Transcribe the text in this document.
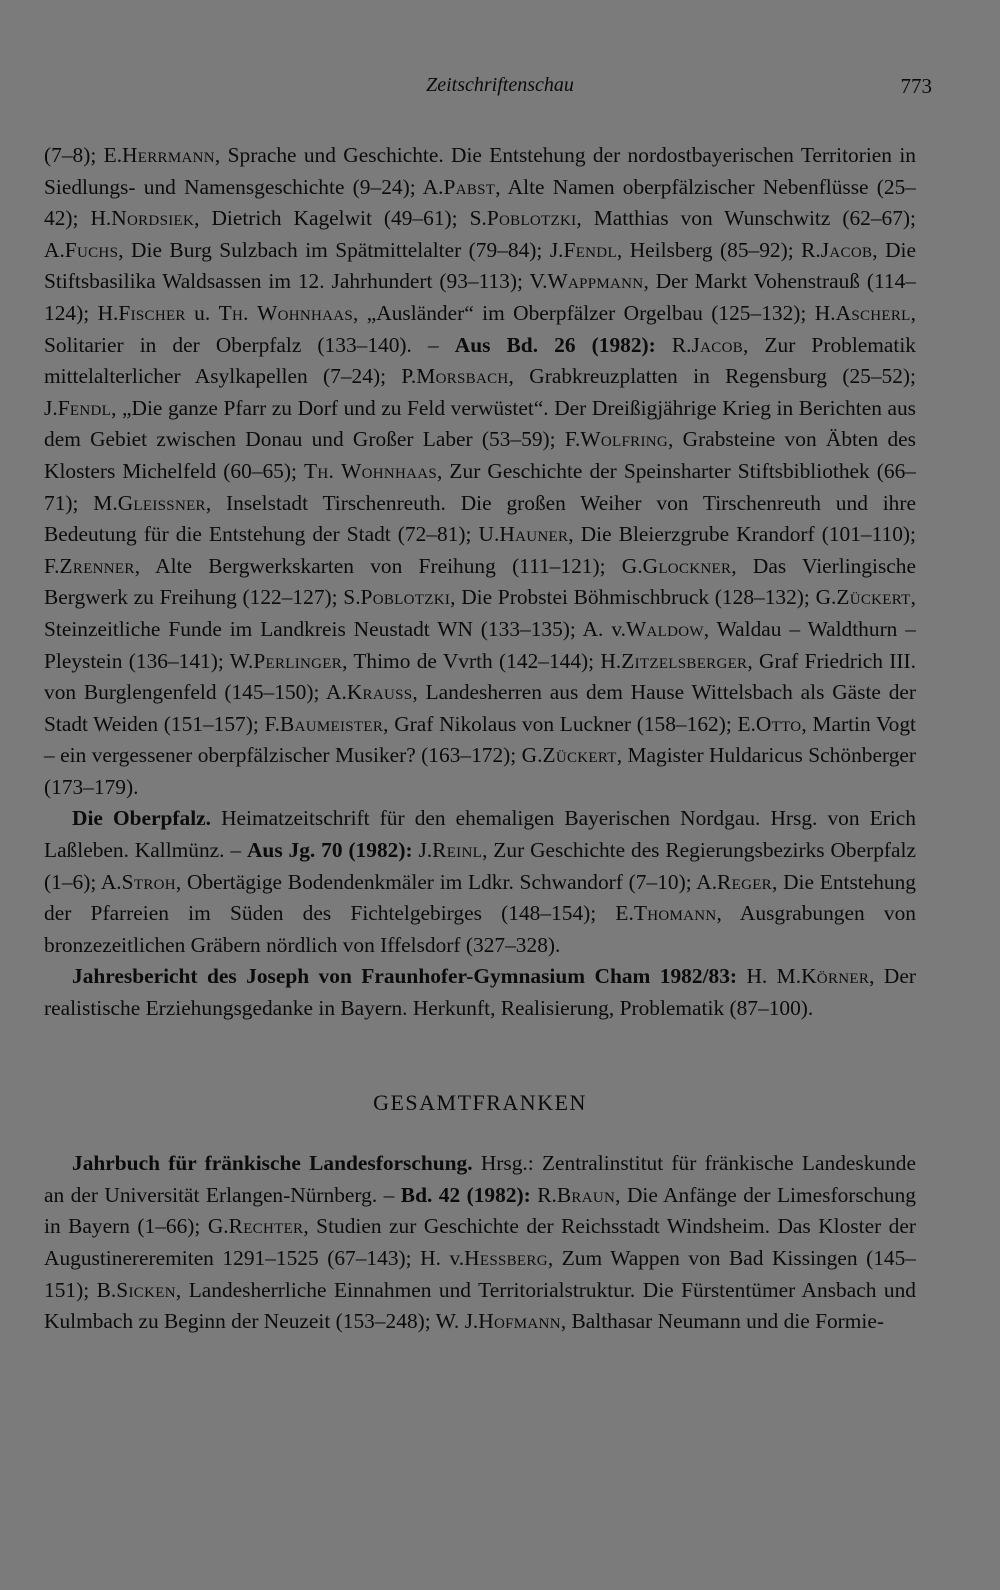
Zeitschriftenschau	773

(7–8); E.Herrmann, Sprache und Geschichte. Die Entstehung der nordostbayerischen Territorien in Siedlungs- und Namensgeschichte (9–24); A.Pabst, Alte Namen oberpfälzischer Nebenflüsse (25–42); H.Nordsiek, Dietrich Kagelwit (49–61); S.Poblotzki, Matthias von Wunschwitz (62–67); A.Fuchs, Die Burg Sulzbach im Spätmittelalter (79–84); J.Fendl, Heilsberg (85–92); R.Jacob, Die Stiftsbasilika Waldsassen im 12. Jahrhundert (93–113); V.Wappmann, Der Markt Vohenstrauß (114–124); H.Fischer u. Th. Wohnhaas, „Ausländer“ im Oberpfälzer Orgelbau (125–132); H.Ascherl, Solitarier in der Oberpfalz (133–140). – Aus Bd. 26 (1982): R.Jacob, Zur Problematik mittelalterlicher Asylkapellen (7–24); P.Morsbach, Grabkreuzplatten in Regensburg (25–52); J.Fendl, „Die ganze Pfarr zu Dorf und zu Feld verwüstet“. Der Dreißigjährige Krieg in Berichten aus dem Gebiet zwischen Donau und Großer Laber (53–59); F.Wolfring, Grabsteine von Äbten des Klosters Michelfeld (60–65); Th. Wohnhaas, Zur Geschichte der Speinsharter Stiftsbibliothek (66–71); M.Gleissner, Inselstadt Tirschenreuth. Die großen Weiher von Tirschenreuth und ihre Bedeutung für die Entstehung der Stadt (72–81); U.Hauner, Die Bleierzgrube Krandorf (101–110); F.Zrenner, Alte Bergwerkskarten von Freihung (111–121); G.Glockner, Das Vierlingische Bergwerk zu Freihung (122–127); S.Poblotzki, Die Probstei Böhmischbruck (128–132); G.Zückert, Steinzeitliche Funde im Landkreis Neustadt WN (133–135); A. v.Waldow, Waldau – Waldthurn – Pleystein (136–141); W.Perlinger, Thimo de Vvrth (142–144); H.Zitzelsberger, Graf Friedrich III. von Burglengenfeld (145–150); A.Krauss, Landesherren aus dem Hause Wittelsbach als Gäste der Stadt Weiden (151–157); F.Baumeister, Graf Nikolaus von Luckner (158–162); E.Otto, Martin Vogt – ein vergessener oberpfälzischer Musiker? (163–172); G.Zückert, Magister Huldaricus Schönberger (173–179).

Die Oberpfalz. Heimatzeitschrift für den ehemaligen Bayerischen Nordgau. Hrsg. von Erich Laßleben. Kallmünz. – Aus Jg. 70 (1982): J.Reinl, Zur Geschichte des Regierungsbezirks Oberpfalz (1–6); A.Stroh, Obertägige Bodendenkmäler im Ldkr. Schwandorf (7–10); A.Reger, Die Entstehung der Pfarreien im Süden des Fichtelgebirges (148–154); E.Thomann, Ausgrabungen von bronzezeitlichen Gräbern nördlich von Iffelsdorf (327–328).

Jahresbericht des Joseph von Fraunhofer-Gymnasium Cham 1982/83: H. M.Körner, Der realistische Erziehungsgedanke in Bayern. Herkunft, Realisierung, Problematik (87–100).

GESAMTFRANKEN

Jahrbuch für fränkische Landesforschung. Hrsg.: Zentralinstitut für fränkische Landeskunde an der Universität Erlangen-Nürnberg. – Bd. 42 (1982): R.Braun, Die Anfänge der Limesforschung in Bayern (1–66); G.Rechter, Studien zur Geschichte der Reichsstadt Windsheim. Das Kloster der Augustinereremiten 1291–1525 (67–143); H. v.Hessberg, Zum Wappen von Bad Kissingen (145–151); B.Sicken, Landesherrliche Einnahmen und Territorialstruktur. Die Fürstentümer Ansbach und Kulmbach zu Beginn der Neuzeit (153–248); W. J.Hofmann, Balthasar Neumann und die Formie-
